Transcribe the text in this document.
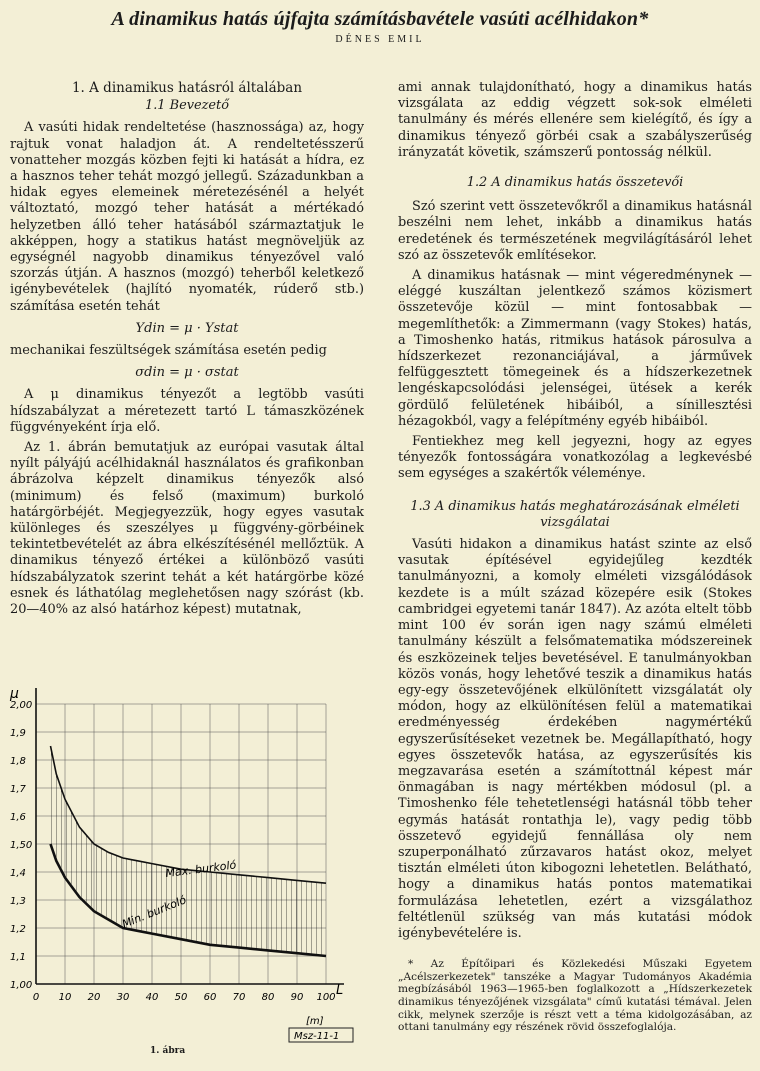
A dinamikus hatás újfajta számításbavétele vasúti acélhidakon*
DÉNES EMIL
1. A dinamikus hatásról általában
1.1 Bevezető

A vasúti hidak rendeltetése (hasznossága) az, hogy rajtuk vonat haladjon át. A rendeltetésszerű vonatteher mozgás közben fejti ki hatását a hídra, ez a hasznos teher tehát mozgó jellegű. Századunkban a hidak egyes elemeinek méretezésénél a helyét változtató, mozgó teher hatását a mértékadó helyzetben álló teher hatásából származtatjuk le akképpen, hogy a statikus hatást megnöveljük az egységnél nagyobb dinamikus tényezővel való szorzás útján. A hasznos (mozgó) teherből keletkező igénybevételek (hajlító nyomaték, rúderő stb.) számítása esetén tehát

Ydin = μ · Ystat

mechanikai feszültségek számítása esetén pedig

σdin = μ · σstat

A μ dinamikus tényezőt a legtöbb vasúti hídszabályzat a méretezett tartó L támaszközének függvényeként írja elő.

Az 1. ábrán bemutatjuk az európai vasutak által nyílt pályájú acélhidaknál használatos és grafikonban ábrázolva képzelt dinamikus tényezők alsó (minimum) és felső (maximum) burkoló határgörbéjét. Megjegyezzük, hogy egyes vasutak különleges és szeszélyes μ függvény-görbéinek tekintetbevételét az ábra elkészítésénél mellőztük. A dinamikus tényező értékei a különböző vasúti hídszabályzatok szerint tehát a két határgörbe közé esnek és láthatólag meglehetősen nagy szórást (kb. 20—40% az alsó határhoz képest) mutatnak,

1,00
1,1
1,2
1,3
1,4
1,50
1,6
1,7
1,8
1,9
2,00
0 10 20 30 40 50 60 70 80 90 100
μ
L
[m]
Max. burkoló
Min. burkoló
Msz-11-1
1. ábra

ami annak tulajdonítható, hogy a dinamikus hatás vizsgálata az eddig végzett sok-sok elméleti tanulmány és mérés ellenére sem kielégítő, és így a dinamikus tényező görbéi csak a szabályszerűség irányzatát követik, számszerű pontosság nélkül.

1.2 A dinamikus hatás összetevői

Szó szerint vett összetevőkről a dinamikus hatásnál beszélni nem lehet, inkább a dinamikus hatás eredetének és természetének megvilágításáról lehet szó az összetevők említésekor.

A dinamikus hatásnak — mint végeredménynek — eléggé kuszáltan jelentkező számos közismert összetevője közül — mint fontosabbak — megemlíthetők: a Zimmermann (vagy Stokes) hatás, a Timoshenko hatás, ritmikus hatások párosulva a hídszerkezet rezonanciájával, a járművek felfüggesztett tömegeinek és a hídszerkezetnek lengéskapcsolódási jelenségei, ütések a kerék gördülő felületének hibáiból, a sínillesztési hézagokból, vagy a felépítmény egyéb hibáiból.

Fentiekhez meg kell jegyezni, hogy az egyes tényezők fontosságára vonatkozólag a legkevésbé sem egységes a szakértők véleménye.

1.3 A dinamikus hatás meghatározásának elméleti vizsgálatai

Vasúti hidakon a dinamikus hatást szinte az első vasutak építésével egyidejűleg kezdték tanulmányozni, a komoly elméleti vizsgálódások kezdete is a múlt század közepére esik (Stokes cambridgei egyetemi tanár 1847). Az azóta eltelt több mint 100 év során igen nagy számú elméleti tanulmány készült a felsőmatematika módszereinek és eszközeinek teljes bevetésével. E tanulmányokban közös vonás, hogy lehetővé teszik a dinamikus hatás egy-egy összetevőjének elkülönített vizsgálatát oly módon, hogy az elkülönítésen felül a matematikai eredményesség érdekében nagymértékű egyszerűsítéseket vezetnek be. Megállapítható, hogy egyes összetevők hatása, az egyszerűsítés kis megzavarása esetén a számítottnál képest már önmagában is nagy mértékben módosul (pl. a Timoshenko féle tehetetlenségi hatásnál több teher egymás hatását rontathja le), vagy pedig több összetevő egyidejű fennállása oly nem szuperponálható zűrzavaros hatást okoz, melyet tisztán elméleti úton kibogozni lehetetlen. Belátható, hogy a dinamikus hatás pontos matematikai formulázása lehetetlen, ezért a vizsgálathoz feltétlenül szükség van más kutatási módok igénybevételére is.

* Az Építőipari és Közlekedési Műszaki Egyetem „Acélszerkezetek" tanszéke a Magyar Tudományos Akadémia megbízásából 1963—1965-ben foglalkozott a „Hídszerkezetek dinamikus tényezőjének vizsgálata" című kutatási témával. Jelen cikk, melynek szerzője is részt vett a téma kidolgozásában, az ottani tanulmány egy részének rövid összefoglalója.
